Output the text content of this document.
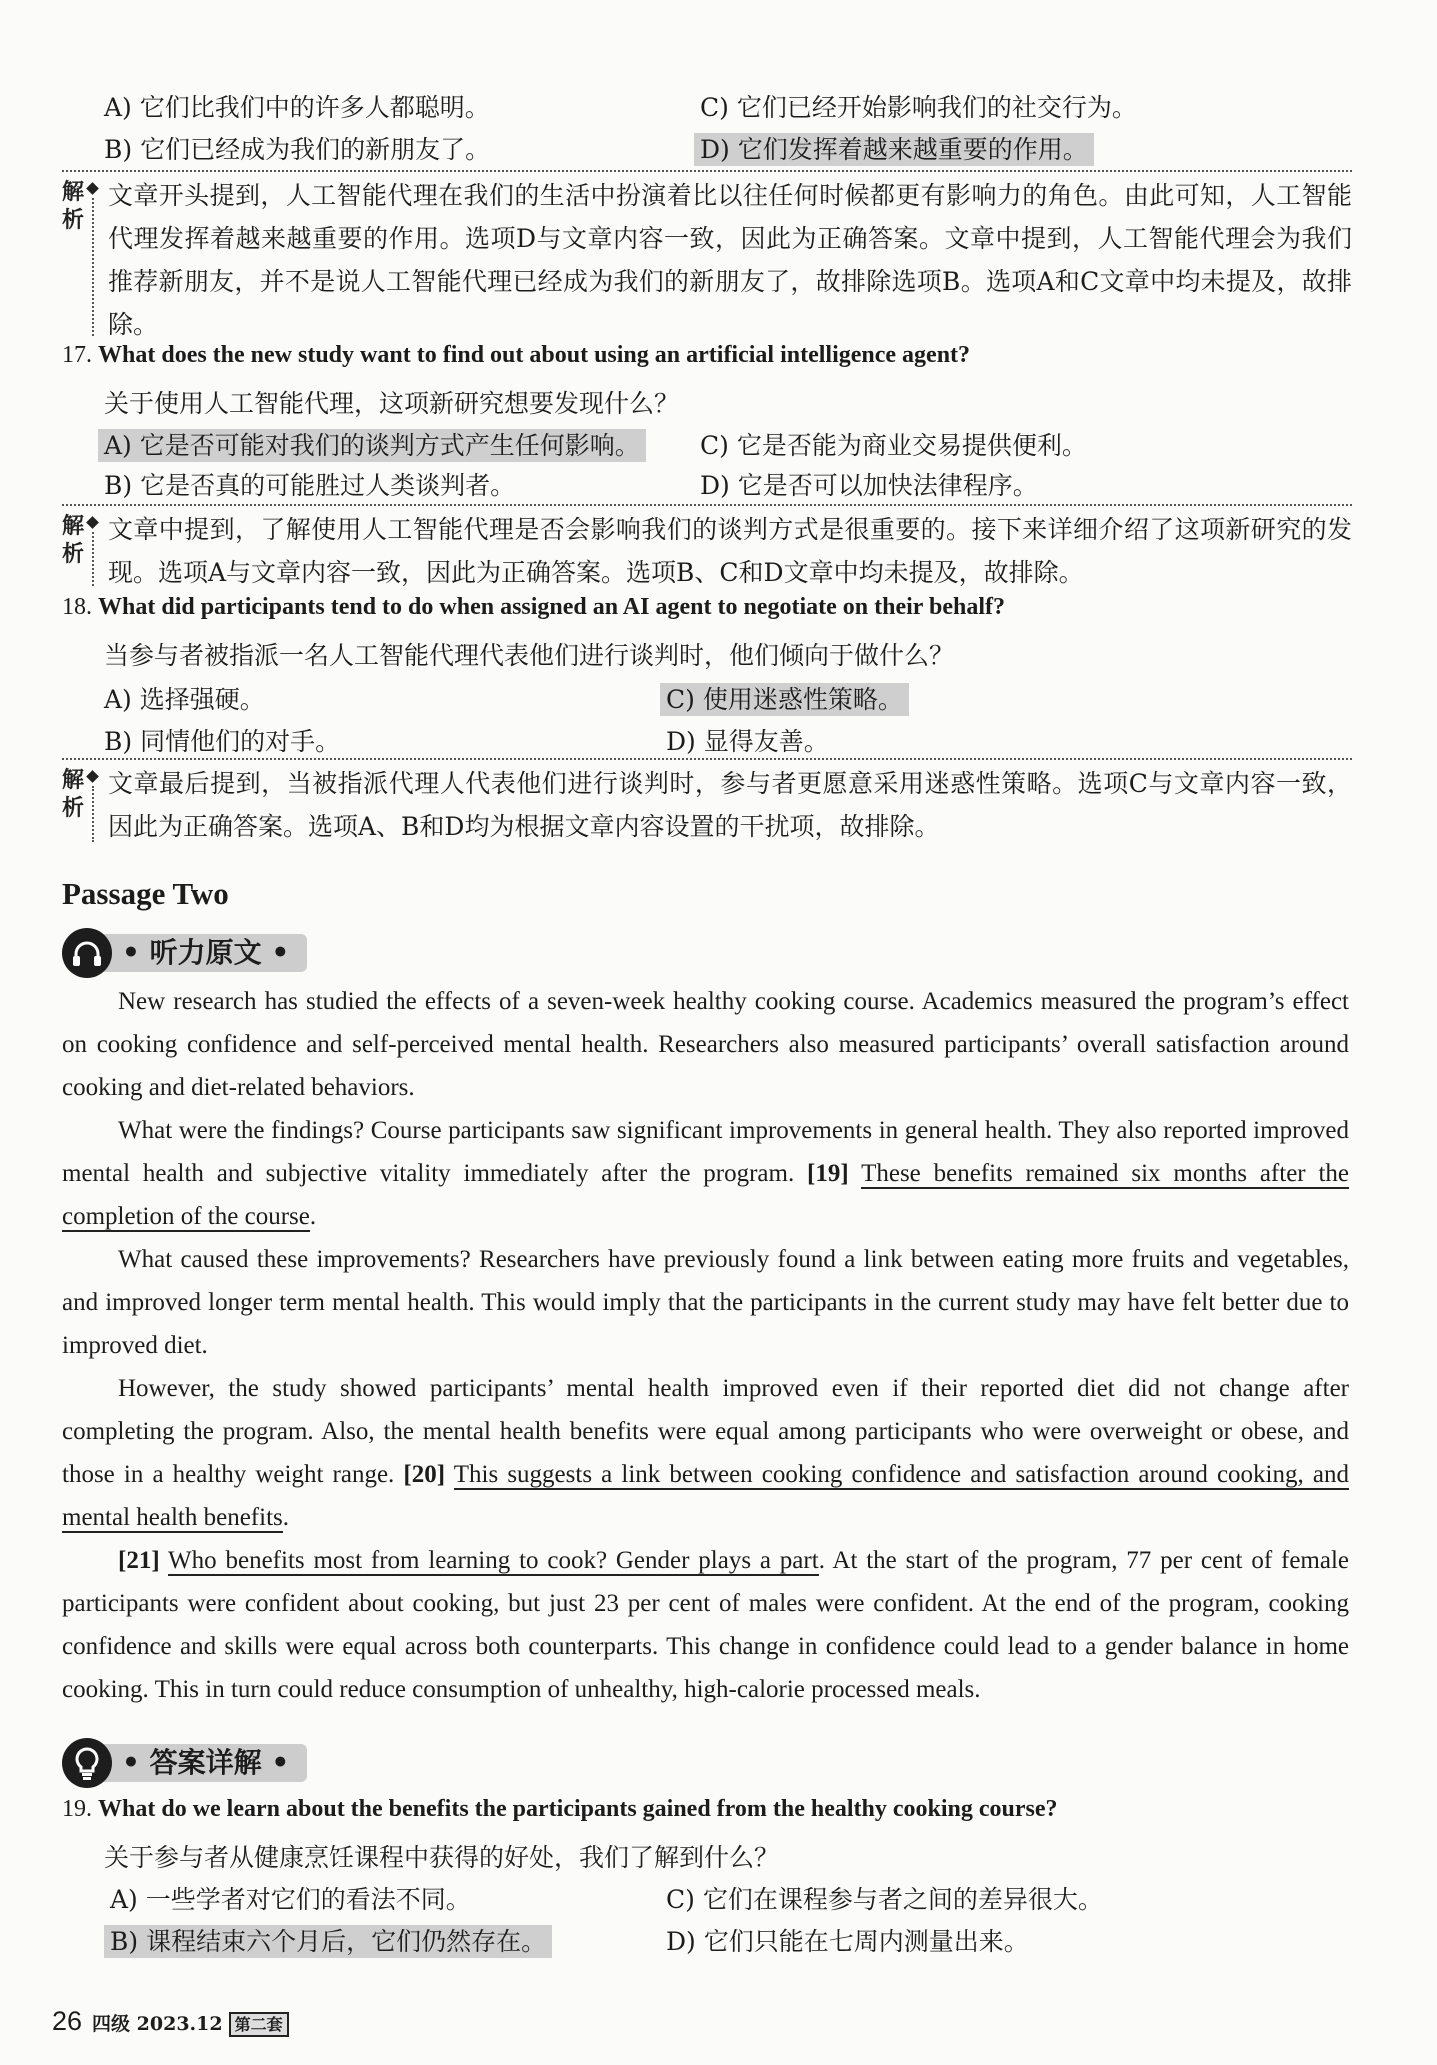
A) 它们比我们中的许多人都聪明。	C) 它们已经开始影响我们的社交行为。
B) 它们已经成为我们的新朋友了。	D) 它们发挥着越来越重要的作用。
解析
文章开头提到，人工智能代理在我们的生活中扮演着比以往任何时候都更有影响力的角色。由此可知，人工智能代理发挥着越来越重要的作用。选项D与文章内容一致，因此为正确答案。文章中提到，人工智能代理会为我们推荐新朋友，并不是说人工智能代理已经成为我们的新朋友了，故排除选项B。选项A和C文章中均未提及，故排除。
17. What does the new study want to find out about using an artificial intelligence agent?
关于使用人工智能代理，这项新研究想要发现什么？
A) 它是否可能对我们的谈判方式产生任何影响。 C) 它是否能为商业交易提供便利。
B) 它是否真的可能胜过人类谈判者。	D) 它是否可以加快法律程序。
解析
文章中提到，了解使用人工智能代理是否会影响我们的谈判方式是很重要的。接下来详细介绍了这项新研究的发现。选项A与文章内容一致，因此为正确答案。选项B、C和D文章中均未提及，故排除。
18. What did participants tend to do when assigned an AI agent to negotiate on their behalf?
当参与者被指派一名人工智能代理代表他们进行谈判时，他们倾向于做什么？
A) 选择强硬。	C) 使用迷惑性策略。
B) 同情他们的对手。	D) 显得友善。
解析
文章最后提到，当被指派代理人代表他们进行谈判时，参与者更愿意采用迷惑性策略。选项C与文章内容一致，因此为正确答案。选项A、B和D均为根据文章内容设置的干扰项，故排除。
Passage Two
• 听力原文 •

New research has studied the effects of a seven-week healthy cooking course. Academics measured the program’s effect on cooking confidence and self-perceived mental health. Researchers also measured participants’ overall satisfaction around cooking and diet-related behaviors.

What were the findings? Course participants saw significant improvements in general health. They also reported improved mental health and subjective vitality immediately after the program. [19] These benefits remained six months after the completion of the course.

What caused these improvements? Researchers have previously found a link between eating more fruits and vegetables, and improved longer term mental health. This would imply that the participants in the current study may have felt better due to improved diet.

However, the study showed participants’ mental health improved even if their reported diet did not change after completing the program. Also, the mental health benefits were equal among participants who were overweight or obese, and those in a healthy weight range. [20] This suggests a link between cooking confidence and satisfaction around cooking, and mental health benefits.

[21] Who benefits most from learning to cook? Gender plays a part. At the start of the program, 77 per cent of female participants were confident about cooking, but just 23 per cent of males were confident. At the end of the program, cooking confidence and skills were equal across both counterparts. This change in confidence could lead to a gender balance in home cooking. This in turn could reduce consumption of unhealthy, high-calorie processed meals.

• 答案详解 •
19. What do we learn about the benefits the participants gained from the healthy cooking course?
关于参与者从健康烹饪课程中获得的好处，我们了解到什么？
A) 一些学者对它们的看法不同。	C) 它们在课程参与者之间的差异很大。
B) 课程结束六个月后，它们仍然存在。	D) 它们只能在七周内测量出来。
26 四级 2023.12 第二套
